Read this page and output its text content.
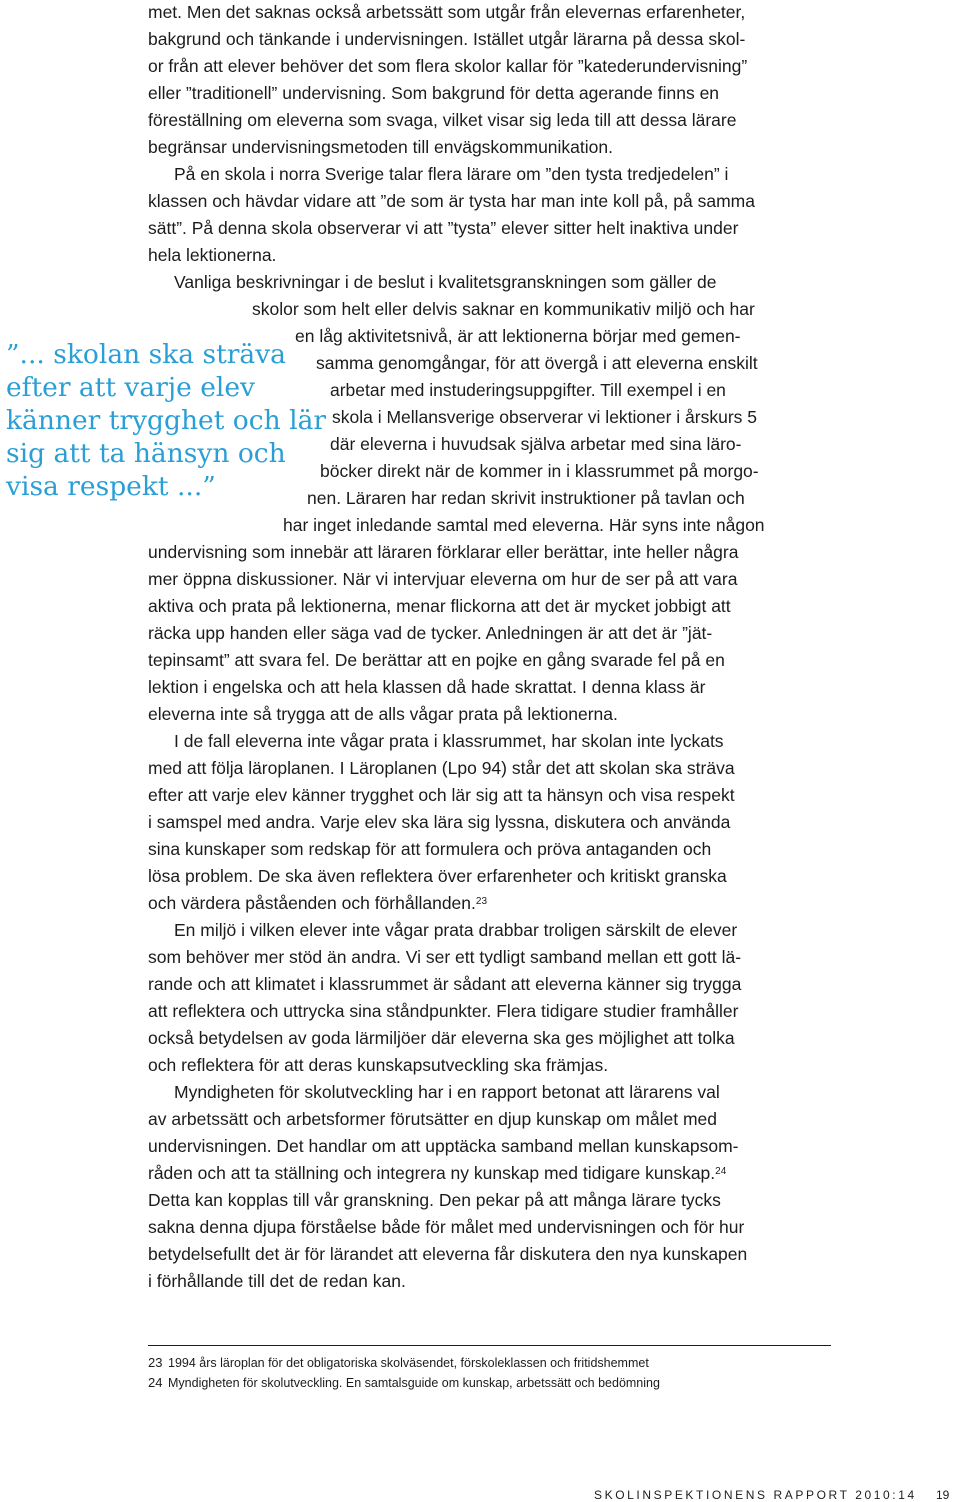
met. Men det saknas också arbetssätt som utgår från elevernas erfarenheter,
bakgrund och tänkande i undervisningen. Istället utgår lärarna på dessa skol-
or från att elever behöver det som flera skolor kallar för ”katederundervisning”
eller ”traditionell” undervisning. Som bakgrund för detta agerande finns en
föreställning om eleverna som svaga, vilket visar sig leda till att dessa lärare
begränsar undervisningsmetoden till envägskommunikation.
På en skola i norra Sverige talar flera lärare om ”den tysta tredjedelen” i
klassen och hävdar vidare att ”de som är tysta har man inte koll på, på samma
sätt”. På denna skola observerar vi att ”tysta” elever sitter helt inaktiva under
hela lektionerna.
Vanliga beskrivningar i de beslut i kvalitetsgranskningen som gäller de
skolor som helt eller delvis saknar en kommunikativ miljö och har
en låg aktivitetsnivå, är att lektionerna börjar med gemen-
samma genomgångar, för att övergå i att eleverna enskilt
arbetar med instuderingsuppgifter. Till exempel i en
skola i Mellansverige observerar vi lektioner i årskurs 5
där eleverna i huvudsak själva arbetar med sina läro-
böcker direkt när de kommer in i klassrummet på morgo-
nen. Läraren har redan skrivit instruktioner på tavlan och
har inget inledande samtal med eleverna. Här syns inte någon
undervisning som innebär att läraren förklarar eller berättar, inte heller några
mer öppna diskussioner. När vi intervjuar eleverna om hur de ser på att vara
aktiva och prata på lektionerna, menar flickorna att det är mycket jobbigt att
räcka upp handen eller säga vad de tycker. Anledningen är att det är ”jät-
tepinsamt” att svara fel. De berättar att en pojke en gång svarade fel på en
lektion i engelska och att hela klassen då hade skrattat. I denna klass är
eleverna inte så trygga att de alls vågar prata på lektionerna.
I de fall eleverna inte vågar prata i klassrummet, har skolan inte lyckats
med att följa läroplanen. I Läroplanen (Lpo 94) står det att skolan ska sträva
efter att varje elev känner trygghet och lär sig att ta hänsyn och visa respekt
i samspel med andra. Varje elev ska lära sig lyssna, diskutera och använda
sina kunskaper som redskap för att formulera och pröva antaganden och
lösa problem. De ska även reflektera över erfarenheter och kritiskt granska
och värdera påståenden och förhållanden.$^{23}$
En miljö i vilken elever inte vågar prata drabbar troligen särskilt de elever
som behöver mer stöd än andra. Vi ser ett tydligt samband mellan ett gott lä-
rande och att klimatet i klassrummet är sådant att eleverna känner sig trygga
att reflektera och uttrycka sina ståndpunkter. Flera tidigare studier framhåller
också betydelsen av goda lärmiljöer där eleverna ska ges möjlighet att tolka
och reflektera för att deras kunskapsutveckling ska främjas.
Myndigheten för skolutveckling har i en rapport betonat att lärarens val
av arbetssätt och arbetsformer förutsätter en djup kunskap om målet med
undervisningen. Det handlar om att upptäcka samband mellan kunskapsom-
råden och att ta ställning och integrera ny kunskap med tidigare kunskap.$^{24}$
Detta kan kopplas till vår granskning. Den pekar på att många lärare tycks
sakna denna djupa förståelse både för målet med undervisningen och för hur
betydelsefullt det är för lärandet att eleverna får diskutera den nya kunskapen
i förhållande till det de redan kan.
”... skolan ska sträva
efter att varje elev
känner trygghet och lär
sig att ta hänsyn och
visa respekt ...”
23 1994 års läroplan för det obligatoriska skolväsendet, förskoleklassen och fritidshemmet
24 Myndigheten för skolutveckling. En samtalsguide om kunskap, arbetssätt och bedömning
SKOLINSPEKTIONENS RAPPORT 2010:14 19
